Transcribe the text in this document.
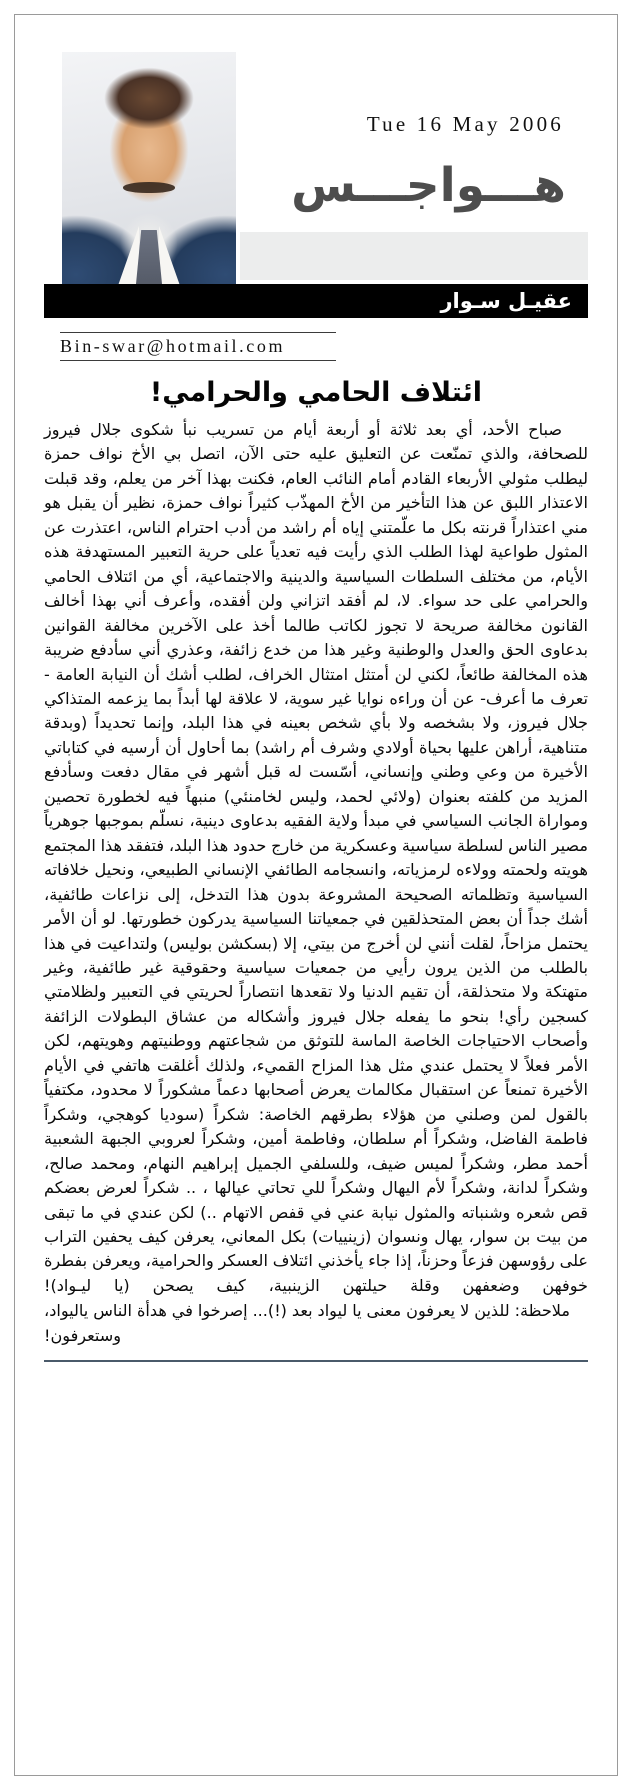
Tue 16 May 2006
هـــواجـــس
عقيـل سـوار
Bin-swar@hotmail.com
ائتلاف الحامي والحرامي!

صباح الأحد، أي بعد ثلاثة أو أربعة أيام من تسريب نبأ شكوى جلال فيروز للصحافة، والذي تمنّعت عن التعليق عليه حتى الآن، اتصل بي الأخ نواف حمزة ليطلب مثولي الأربعاء القادم أمام النائب العام، فكنت بهذا آخر من يعلم، وقد قبلت الاعتذار اللبق عن هذا التأخير من الأخ المهذّب كثيراً نواف حمزة، نظير أن يقبل هو مني اعتذاراً قرنته بكل ما علّمتني إياه أم راشد من أدب احترام الناس، اعتذرت عن المثول طواعية لهذا الطلب الذي رأيت فيه تعدياً على حرية التعبير المستهدفة هذه الأيام، من مختلف السلطات السياسية والدينية والاجتماعية، أي من ائتلاف الحامي والحرامي على حد سواء. لا، لم أفقد اتزاني ولن أفقده، وأعرف أني بهذا أخالف القانون مخالفة صريحة لا تجوز لكاتب طالما أخذ على الآخرين مخالفة القوانين بدعاوى الحق والعدل والوطنية وغير هذا من خدع زائفة، وعذري أني سأدفع ضريبة هذه المخالفة طائعاً، لكني لن أمتثل امتثال الخراف، لطلب أشك أن النيابة العامة - تعرف ما أعرف- عن أن وراءه نوايا غير سوية، لا علاقة لها أبداً بما يزعمه المتذاكي جلال فيروز، ولا بشخصه ولا بأي شخص بعينه في هذا البلد، وإنما تحديداً (وبدقة متناهية، أراهن عليها بحياة أولادي وشرف أم راشد) بما أحاول أن أرسيه في كتاباتي الأخيرة من وعي وطني وإنساني، أسّست له قبل أشهر في مقال دفعت وسأدفع المزيد من كلفته بعنوان (ولائي لحمد، وليس لخامنئي) منبهاً فيه لخطورة تحصين ومواراة الجانب السياسي في مبدأ ولاية الفقيه بدعاوى دينية، نسلّم بموجبها جوهرياً مصير الناس لسلطة سياسية وعسكرية من خارج حدود هذا البلد، فتفقد هذا المجتمع هويته ولحمته وولاءه لرمزياته، وانسجامه الطائفي الإنساني الطبيعي، ونحيل خلافاته السياسية وتظلماته الصحيحة المشروعة بدون هذا التدخل، إلى نزاعات طائفية، أشك جداً أن بعض المتحذلقين في جمعياتنا السياسية يدركون خطورتها. لو أن الأمر يحتمل مزاحاً، لقلت أنني لن أخرج من بيتي، إلا (بسكشن بوليس) ولتداعيت في هذا بالطلب من الذين يرون رأيي من جمعيات سياسية وحقوقية غير طائفية، وغير متهتكة ولا متحذلقة، أن تقيم الدنيا ولا تقعدها انتصاراً لحريتي في التعبير ولظلامتي كسجين رأي! بنحو ما يفعله جلال فيروز وأشكاله من عشاق البطولات الزائفة وأصحاب الاحتياجات الخاصة الماسة للتوثق من شجاعتهم ووطنيتهم وهويتهم، لكن الأمر فعلاً لا يحتمل عندي مثل هذا المزاح القميء، ولذلك أغلقت هاتفي في الأيام الأخيرة تمنعاً عن استقبال مكالمات يعرض أصحابها دعماً مشكوراً لا محدود، مكتفياً بالقول لمن وصلني من هؤلاء بطرقهم الخاصة: شكراً (سوديا كوهجي، وشكراً فاطمة الفاضل، وشكراً أم سلطان، وفاطمة أمين، وشكراً لعروبي الجبهة الشعبية أحمد مطر، وشكراً لميس ضيف، وللسلفي الجميل إبراهيم النهام، ومحمد صالح، وشكراً لدانة، وشكراً لأم اليهال وشكراً للي تحاتي عيالها ، .. شكراً لعرض بعضكم قص شعره وشنباته والمثول نيابة عني في قفص الاتهام ..) لكن عندي في ما تبقى من بيت بن سوار، يهال ونسوان (زينييات) بكل المعاني، يعرفن كيف يحفين التراب على رؤوسهن فزعاً وحزناً، إذا جاء يأخذني ائتلاف العسكر والحرامية، ويعرفن بفطرة خوفهن وضعفهن وقلة حيلتهن الزينبية، كيف يصحن (يا ليـواد)!

ملاحظة: للذين لا يعرفون معنى يا ليواد بعد (!)... إصرخوا في هدأة الناس ياليواد، وستعرفون!
